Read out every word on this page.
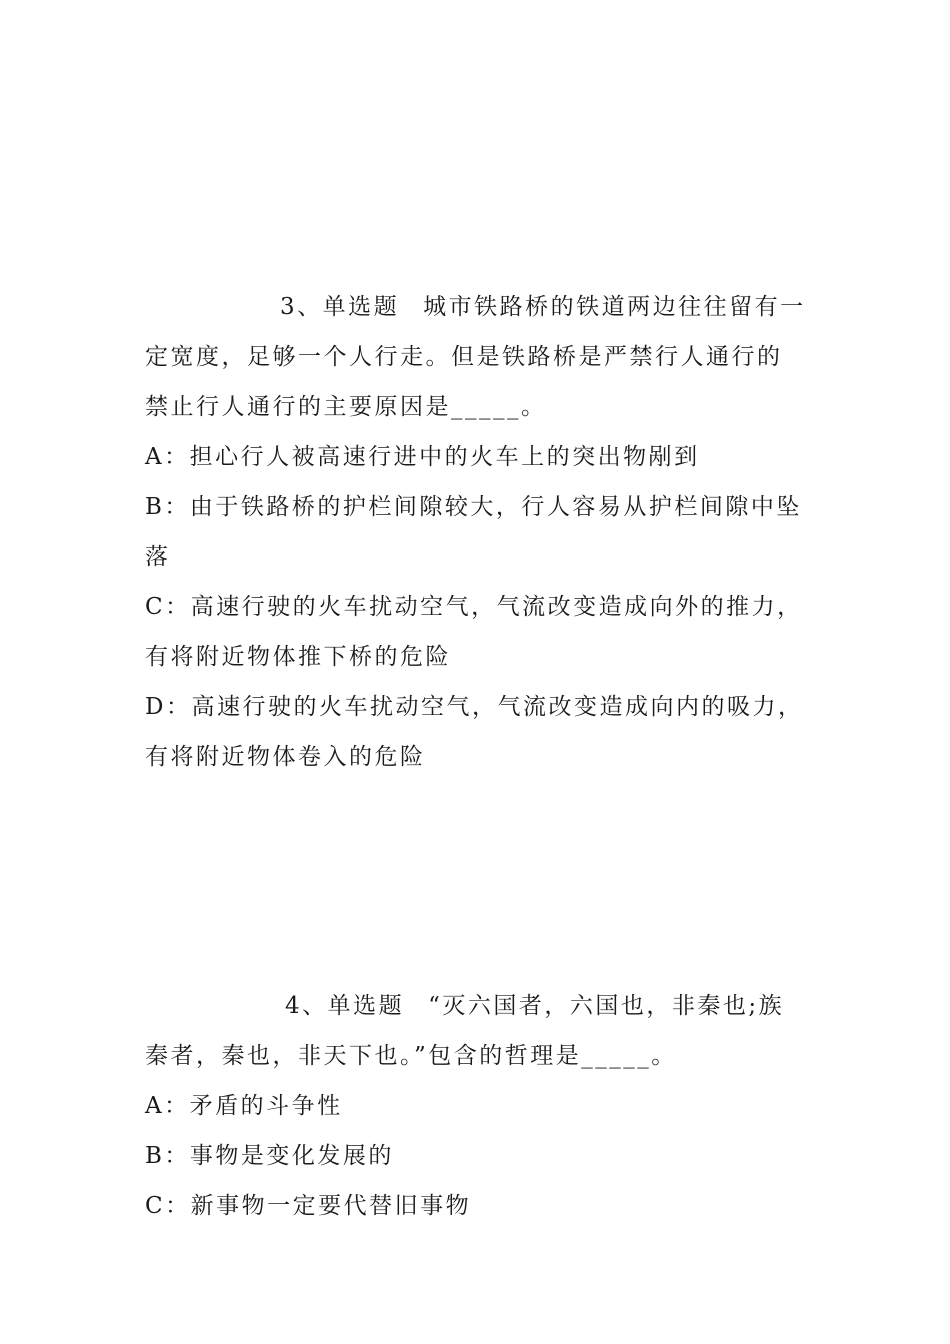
3、单选题 城市铁路桥的铁道两边往往留有一
定宽度，足够一个人行走。但是铁路桥是严禁行人通行的
禁止行人通行的主要原因是_____。
A：担心行人被高速行进中的火车上的突出物剐到
B：由于铁路桥的护栏间隙较大，行人容易从护栏间隙中坠
落
C：高速行驶的火车扰动空气，气流改变造成向外的推力，
有将附近物体推下桥的危险
D：高速行驶的火车扰动空气，气流改变造成向内的吸力，
有将附近物体卷入的危险
4、单选题 “灭六国者，六国也，非秦也;族
秦者，秦也，非天下也。”包含的哲理是_____。
A：矛盾的斗争性
B：事物是变化发展的
C：新事物一定要代替旧事物
